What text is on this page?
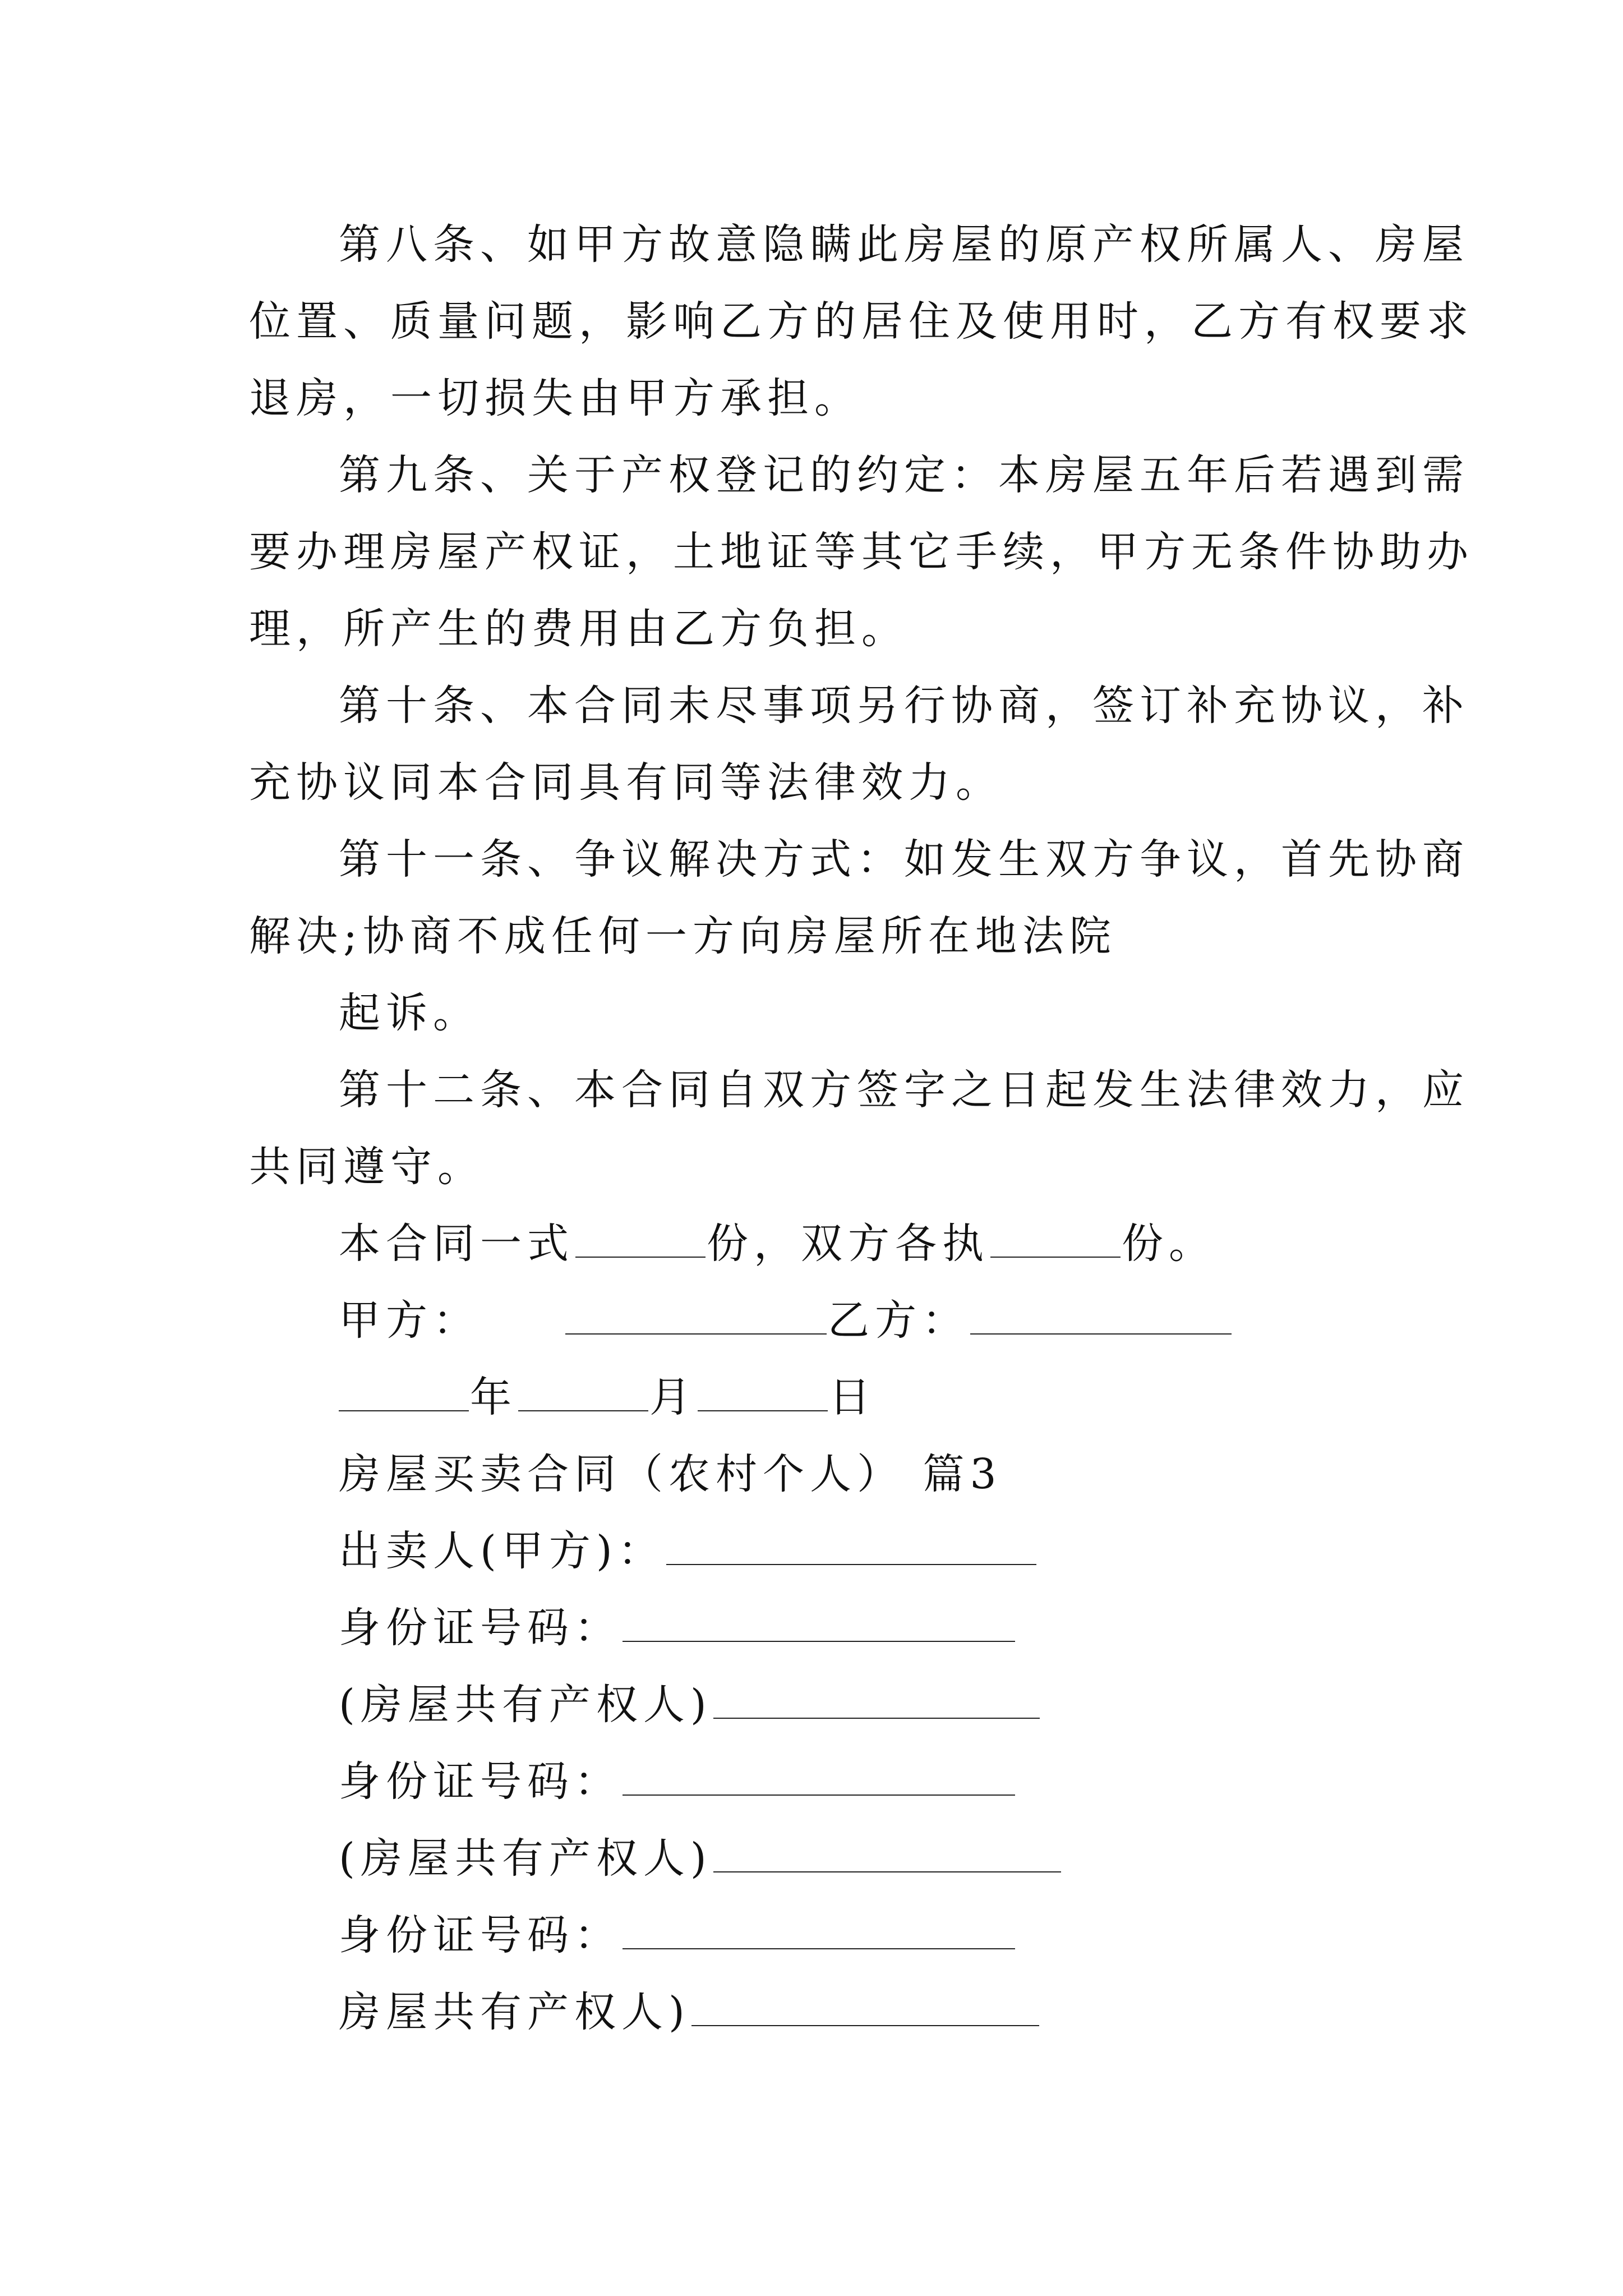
第八条、如甲方故意隐瞒此房屋的原产权所属人、房屋
位置、质量问题，影响乙方的居住及使用时，乙方有权要求
退房，一切损失由甲方承担。
第九条、关于产权登记的约定：本房屋五年后若遇到需
要办理房屋产权证，土地证等其它手续，甲方无条件协助办
理，所产生的费用由乙方负担。
第十条、本合同未尽事项另行协商，签订补充协议，补
充协议同本合同具有同等法律效力。
第十一条、争议解决方式：如发生双方争议，首先协商
解决;协商不成任何一方向房屋所在地法院
起诉。
第十二条、本合同自双方签字之日起发生法律效力，应
共同遵守。
本合同一式	份，双方各执	份。
甲方：	乙方：
年	月	日
房屋买卖合同（农村个人） 篇3
出卖人(甲方)：
身份证号码：
(房屋共有产权人)
身份证号码：
(房屋共有产权人)
身份证号码：
房屋共有产权人)
